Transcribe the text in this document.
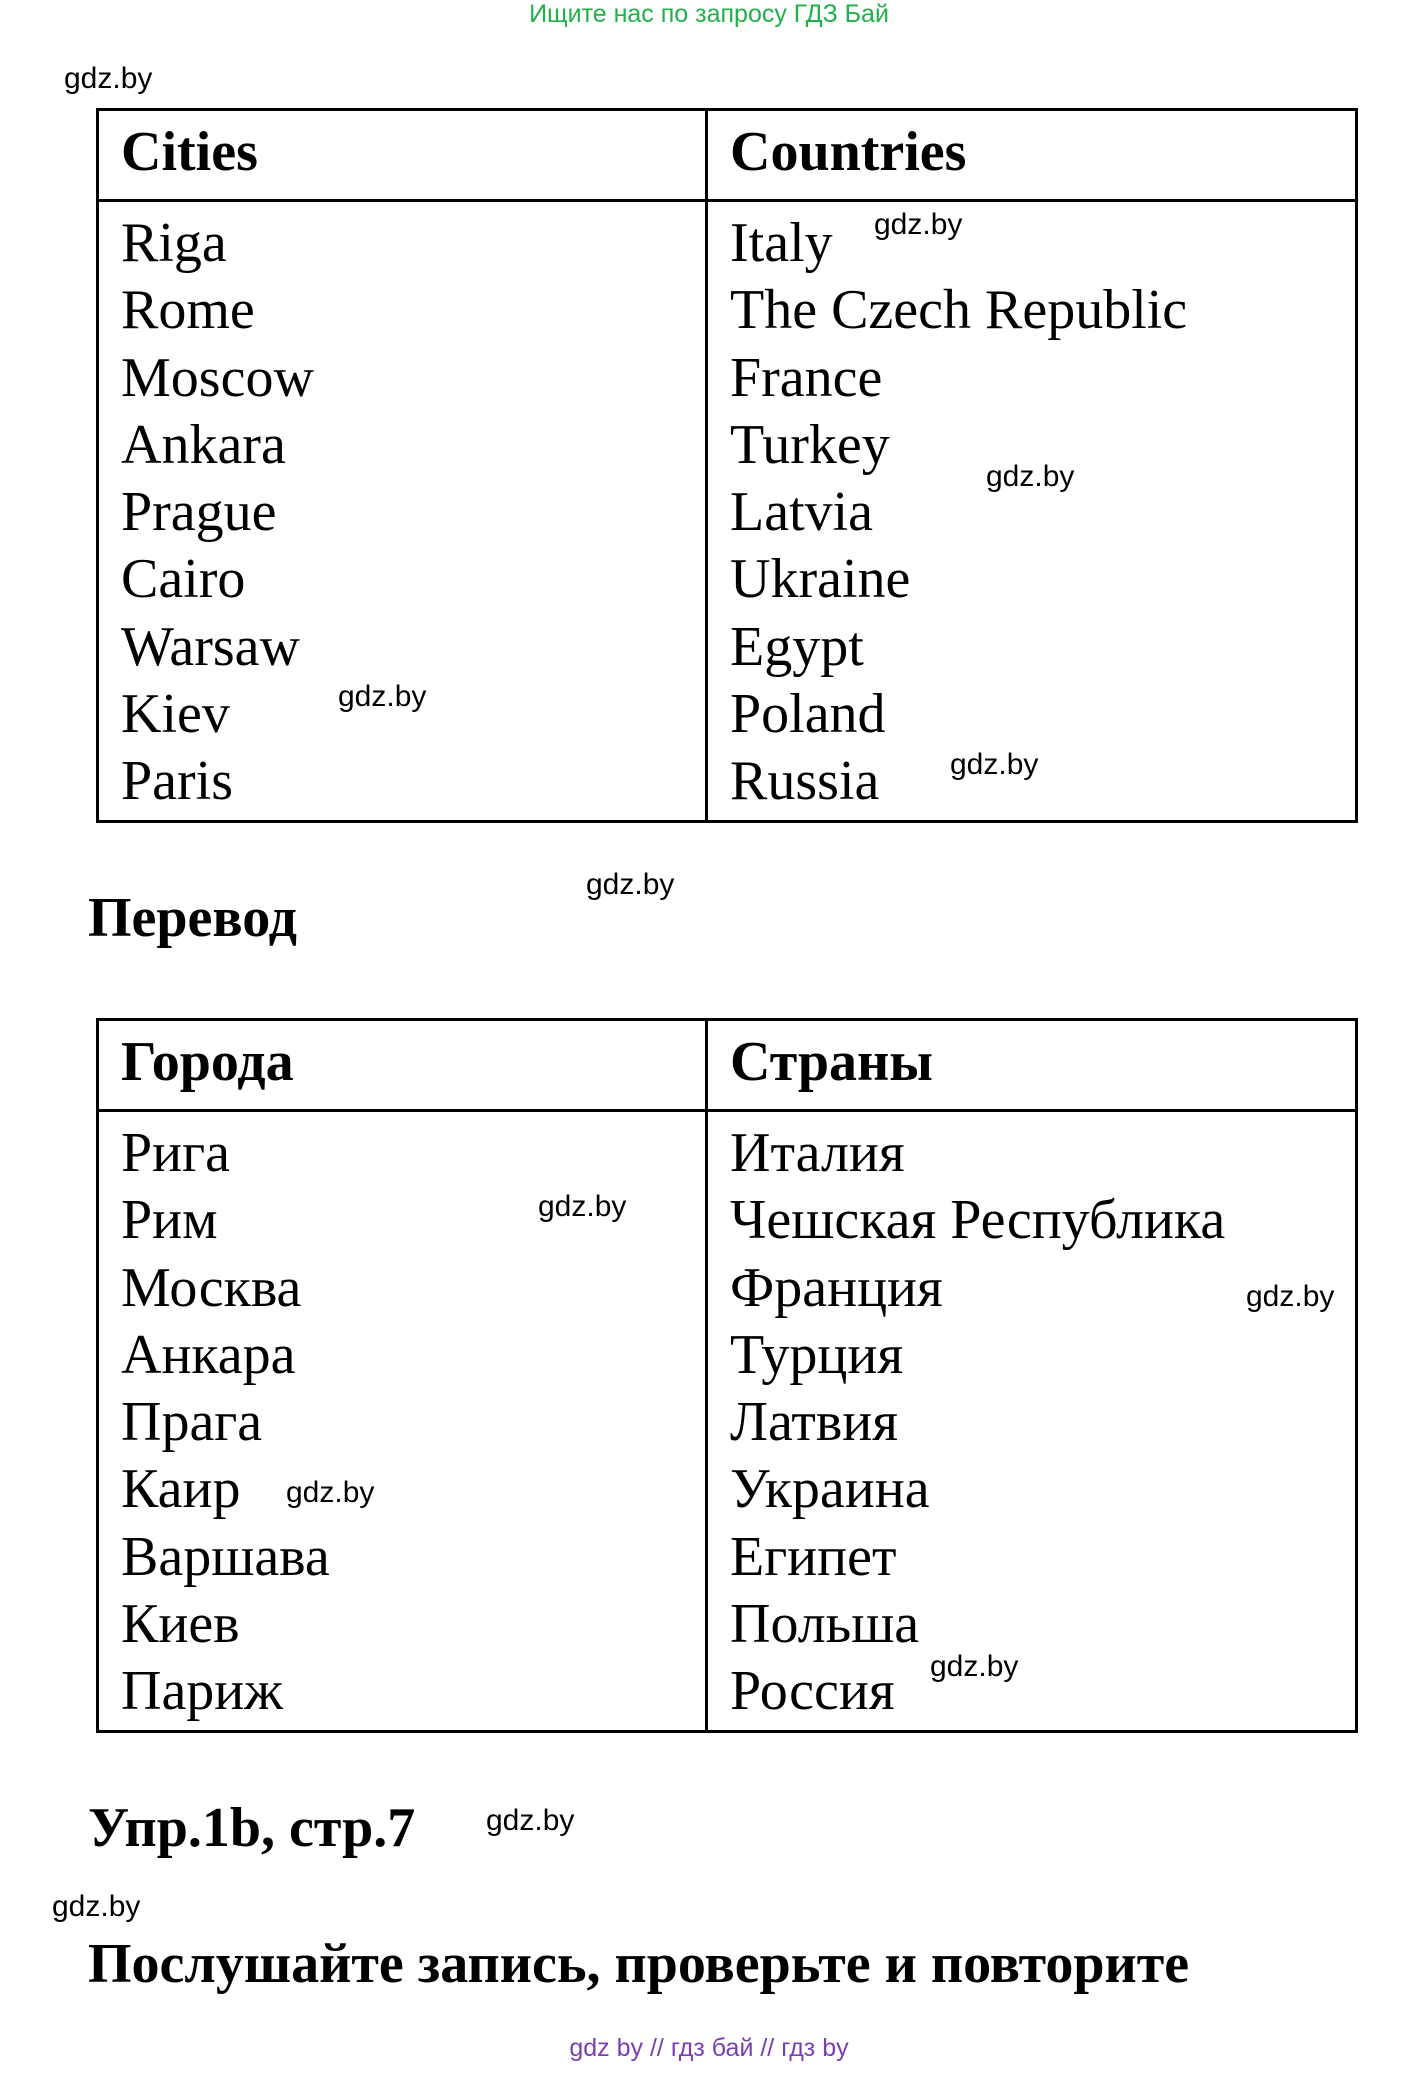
Ищите нас по запросу ГДЗ Бай
gdz.by
gdz.by
gdz.by
gdz.by
gdz.by
gdz.by
gdz.by
gdz.by
gdz.by
gdz.by
gdz.by
gdz.by
Cities	Countries
Riga
Rome
Moscow
Ankara
Prague
Cairo
Warsaw
Kiev
Paris
Italy
The Czech Republic
France
Turkey
Latvia
Ukraine
Egypt
Poland
Russia
Перевод
Города	Страны
Рига
Рим
Москва
Анкара
Прага
Каир
Варшава
Киев
Париж
Италия
Чешская Республика
Франция
Турция
Латвия
Украина
Египет
Польша
Россия
Упр.1b, стр.7
Послушайте запись, проверьте и повторите
gdz by // гдз бай // гдз by
